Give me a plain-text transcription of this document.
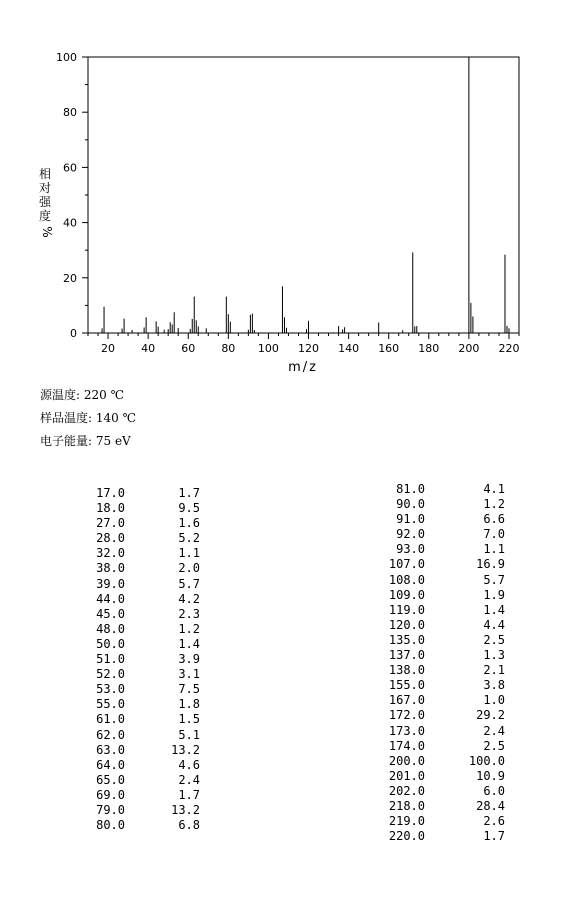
0
20
40
60
80
100
20 40 60 80 100 120 140 160 180 200 220
相
对
强
度
%
m/z
源温度: 220 ℃
样品温度: 140 ℃
电子能量: 75 eV
17.0	1.7
18.0	9.5
27.0	1.6
28.0	5.2
32.0	1.1
38.0	2.0
39.0	5.7
44.0	4.2
45.0	2.3
48.0	1.2
50.0	1.4
51.0	3.9
52.0	3.1
53.0	7.5
55.0	1.8
61.0	1.5
62.0	5.1
63.0	13.2
64.0	4.6
65.0	2.4
69.0	1.7
79.0	13.2
80.0	6.8
81.0	4.1
90.0	1.2
91.0	6.6
92.0	7.0
93.0	1.1
107.0	16.9
108.0	5.7
109.0	1.9
119.0	1.4
120.0	4.4
135.0	2.5
137.0	1.3
138.0	2.1
155.0	3.8
167.0	1.0
172.0	29.2
173.0	2.4
174.0	2.5
200.0	100.0
201.0	10.9
202.0	6.0
218.0	28.4
219.0	2.6
220.0	1.7
